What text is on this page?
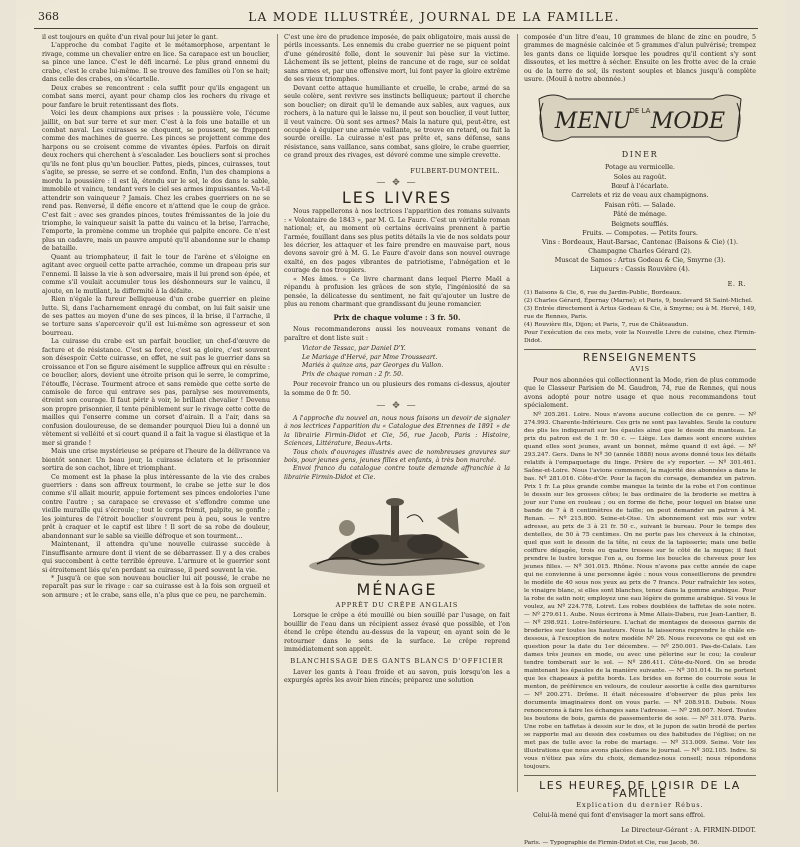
368	LA MODE ILLUSTRÉE, JOURNAL DE LA FAMILLE.

il est toujours en quête d'un rival pour lui jeter le gant.

L'approche du combat l'agite et le métamorphose, arpentant le rivage, comme un chevalier entre en lice. Sa carapace est un bouclier, sa pince une lance. C'est le défi incarné. Le plus grand ennemi du crabe, c'est le crabe lui-même. Il se trouve des familles où l'on se hait; dans celle des crabes, on s'écartelle.

Deux crabes se rencontrent : cela suffit pour qu'ils engagent un combat sans merci, ayant pour champ clos les rochers du rivage et pour fanfare le bruit retentissant des flots.

Voici les deux champions aux prises : la poussière vole, l'écume jaillit, on bat sur terre et sur mer. C'est à la fois une bataille et un combat naval. Les cuirasses se choquent, se poussent, se frappent comme des machines de guerre. Les pinces se projettent comme des harpons ou se croisent comme de vivantes épées. Parfois on dirait deux rochers qui cherchent à s'escalader. Les boucliers sont si proches qu'ils ne font plus qu'un bouclier. Pattes, pieds, pinces, cuirasses, tout s'agite, se presse, se serre et se confond. Enfin, l'un des champions a mordu la poussière : il est là, étendu sur le sol, le dos dans le sable, immobile et vaincu, tendant vers le ciel ses armes impuissantes. Va-t-il attendrir son vainqueur ? Jamais. Chez les crabes guerriers on ne se rend pas. Renversé, il défie encore et n'attend que le coup de grâce. C'est fait : avec ses grandes pinces, toutes frémissantes de la joie du triomphe, le vainqueur saisit la patte du vaincu et la brise, l'arrache, l'emporte, la promène comme un trophée qui palpite encore. Ce n'est plus un cadavre, mais un pauvre amputé qu'il abandonne sur le champ de bataille.

Quant au triomphateur, il fait le tour de l'arène et s'éloigne en agitant avec orgueil cette patte arrachée, comme un drapeau pris sur l'ennemi. Il laisse la vie à son adversaire, mais il lui prend son épée, et comme s'il voulait accumuler tous les déshonneurs sur le vaincu, il ajoute, en le mutilant, la difformité à la défaite.

Rien n'égale la fureur belliqueuse d'un crabe guerrier en pleine lutte. Si, dans l'acharnement enragé du combat, on lui fait saisir une de ses pattes au moyen d'une de ses pinces, il la brise, il l'arrache, il se torture sans s'apercevoir qu'il est lui-même son agresseur et son bourreau.

La cuirasse du crabe est un parfait bouclier, un chef-d'œuvre de facture et de résistance. C'est sa force, c'est sa gloire, c'est souvent son désespoir. Cette cuirasse, en effet, ne suit pas le guerrier dans sa croissance et l'on se figure aisément le supplice affreux qui en résulte : ce bouclier, alors, devient une étroite prison qui le serre, le comprime, l'étouffe, l'écrase. Tourment atroce et sans remède que cette sorte de camisole de force qui entrave ses pas, paralyse ses mouvements, étreint son courage. Il faut périr à voir, le brillant chevalier ! Devenu son propre prisonnier, il tente péniblement sur le rivage cette cotte de mailles qui l'enserre comme un corset d'airain. Il a l'air, dans sa confusion douloureuse, de se demander pourquoi Dieu lui a donné un vêtement si velléité et si court quand il a fait la vague si élastique et la mer si grande !

Mais une crise mystérieuse se prépare et l'heure de la délivrance va bientôt sonner. Un beau jour, la cuirasse éclatera et le prisonnier sortira de son cachot, libre et triomphant.

Ce moment est la phase la plus intéressante de la vie des crabes guerriers : dans son affreux tourment, le crabe se jette sur le dos comme s'il allait mourir, appuie fortement ses pinces endolories l'une contre l'autre ; sa carapace se crevasse et s'effondre comme une vieille muraille qui s'écroule ; tout le corps frémit, palpite, se gonfle ; les jointures de l'étroit bouclier s'ouvrent peu à peu, sous le ventre prêt à craquer et le captif est libre ! Il sort de sa robe de douleur, abandonnant sur le sable sa vieille défroque et son tourment...

Maintenant, il attendra qu'une nouvelle cuirasse succède à l'insuffisante armure dont il vient de se débarrasser. Il y a des crabes qui succombent à cette terrible épreuve. L'armure et le guerrier sont si étroitement liés qu'en perdant sa cuirasse, il perd souvent la vie.

* Jusqu'à ce que son nouveau bouclier lui ait poussé, le crabe ne reparaît pas sur le rivage : car sa cuirasse est à la fois son orgueil et son armure ; et le crabe, sans elle, n'a plus que ce peu, ne parchemin.

C'est une ère de prudence imposée, de paix obligatoire, mais aussi de périls incessants. Les ennemis du crabe guerrier ne se piquent point d'une générosité folle, dont le souvenir lui pèse sur la victime. Lâchement ils se jettent, pleins de rancune et de rage, sur ce soldat sans armes et, par une offensive mort, lui font payer la gloire extrême de ses vieux triomphes.

Devant cette attaque humiliante et cruelle, le crabe, armé de sa seule colère, sent revivre ses instincts belliqueux; partout il cherche son bouclier; on dirait qu'il le demande aux sables, aux vagues, aux rochers, à la nature qui le laisse nu, il peut son bouclier, il veut lutter, il veut vaincre. Où sont ses armes? Mais la nature qui, peut-être, est occupée à équiper une armée vaillante, se trouve en retard, ou fait la sourde oreille. La cuirasse n'est pas prête et, sans défense, sans résistance, sans vaillance, sans combat, sans gloire, le crabe guerrier, ce grand preux des rivages, est dévoré comme une simple crevette.

FULBERT-DUMONTEIL.
— ✥ —
LES LIVRES

Nous rappellerons à nos lectrices l'apparition des romans suivants : « Volontaire de 1843 », par M. G. Le Faure. C'est un véritable roman national; et, au moment où certains écrivains prennent à partie l'armée, fouillant dans ses plus petits détails la vie de nos soldats pour les décrier, les attaquer et les faire prendre en mauvaise part, nous devons savoir gré à M. G. Le Faure d'avoir dans son nouvel ouvrage exalté, en des pages vibrantes de patriotisme, l'abnégation et le courage de nos troupiers.

« Mes âmes. » Ce livre charmant dans lequel Pierre Maël a répandu à profusion les grâces de son style, l'ingéniosité de sa pensée, la délicatesse du sentiment, ne fait qu'ajouter un lustre de plus au renom charmant que grandissant du jeune romancier.

Prix de chaque volume : 3 fr. 50.

Nous recommanderons aussi les nouveaux romans venant de paraître et dont liste suit :

Victor de Tessac, par Daniel D'Y.
Le Mariage d'Hervé, par Mme Trousseart.
Mariés à quinze ans, par Georges du Vallon.
Prix de chaque roman : 2 fr. 50.

Pour recevoir franco un ou plusieurs des romans ci-dessus, ajouter la somme de 0 fr. 50.

— ✥ —

A l'approche du nouvel an, nous nous faisons un devoir de signaler à nos lectrices l'apparition du « Catalogue des Etrennes de 1891 » de la librairie Firmin-Didot et Cie, 56, rue Jacob, Paris : Histoire, Sciences, Littérature, Beaux-Arts.

Tous choix d'ouvrages illustrés avec de nombreuses gravures sur bois, pour jeunes gens, jeunes filles et enfants, à très bon marché.

Envoi franco du catalogue contre toute demande affranchie à la librairie Firmin-Didot et Cie.

MÉNAGE
APPRÊT DU CRÊPE ANGLAIS

Lorsque le crêpe a été mouillé ou bien souillé par l'usage, on fait bouillir de l'eau dans un récipient assez évasé que possible, et l'on étend le crêpe étendu au-dessus de la vapeur, en ayant soin de le retourner dans le sens de la surface. Le crêpe reprend immédiatement son apprêt.

BLANCHISSAGE DES GANTS BLANCS D'OFFICIER

Laver les gants à l'eau froide et au savon, puis lorsqu'on les a expurgés après les avoir bien rincés; préparez une solution

composée d'un litre d'eau, 10 grammes de blanc de zinc en poudre, 5 grammes de magnésie calcinée et 5 grammes d'alun pulvérisé; trempez les gants dans ce liquide lorsque les poudres qu'il contient s'y sont dissoutes, et les mettre à sécher. Ensuite on les frotte avec de la craie ou de la terre de sol, ils restent souples et blancs jusqu'à complète usure. (Mouil à notre abonnée.)

MENU
DE LA MODE
DINER
Potage au vermicelle.
Soles au ragoût.
Bœuf à l'écarlate.
Carrelets et riz de veau aux champignons.
Faisan rôti. — Salade.
Pâté de ménage.
Beignets soufflés.
Fruits. — Compotes. — Petits fours.
Vins : Bordeaux, Haut-Barsac, Cantenac (Baisons & Cie) (1).
Champagne Charles Gérard (2).
Muscat de Samos : Artus Godeau & Cie, Smyrne (3).
Liqueurs : Cassis Rouvière (4).
E. R.
(1) Baisons & Cie, 6, rue du Jardin-Public, Bordeaux.
(2) Charles Gérard, Épernay (Marne); et Paris, 9, boulevard St Saint-Michel.
(3) Entrée directement à Artus Godeau & Cie, à Smyrne; ou à M. Hervé, 149, rue de Rennes, Paris.
(4) Rouvière fils, Dijon; et Paris, 7, rue de Châteaudun.
Pour l'exécution de ces mets, voir la Nouvelle Livre de cuisine, chez Firmin-Didot.
RENSEIGNEMENTS
AVIS

Pour nos abonnées qui collectionnent la Mode, rien de plus commode que le Classeur Parisien de M. Gaudron, 74, rue de Rennes, qui nous avons adopté pour notre usage et que nous recommandons tout spécialement.

Nº 205.261. Loire. Nous n'avons aucune collection de ce genre. — Nº 274.993. Charente-Inférieure. Ces gris ne sont pas lavables. Seule la couture des plis les indiquerait sur les épaules ainsi que le dessin du manteau. Le prix du patron est de 1 fr. 50 c. — Liège. Les dames sont encore suivies quand elles sont jeunes, avant un bonnet, même quand il est âgé. — Nº 293.247. Gers. Dans le Nº 30 (année 1888) nous avons donné tous les détails relatifs à l'empaquetage du linge. Prière de s'y reporter. — Nº 301.461. Saône-et-Loire. Nous l'avions commencé, la majorité des abonnées a dans le bas. Nº 281.016. Côte-d'Or. Pour la façon du corsage, demandez un patron. Prix 1 fr. La plus grande combe manque la teinte de la robe et l'on continue le dessin sur les grosses côtes; le bas ordinaire de la broderie se mettra à jour sur l'une en rouleau ; ou en forme de fiche, pour lequel on biaise une bande de 7 à 8 centimètres de taille; on peut demander un patron à M. Renan. — Nº 215.800. Seine-et-Oise. Un abonnement est mis sur votre adresse, au prix de 3 à 21 fr. 50 c., suivant le bureau. Pour le temps des dentelles, de 50 à 75 centimes. On ne porte pas les cheveux à la chinoise, quel que soit le dessin de la tête, ni ceux de la tapisserie; mais une belle coiffure dégagée, trois ou quatre tresses sur le côté de la nuque; il faut prendre le lustre lorsque l'on a, ou forme les boucles de cheveux pour les jeunes filles. — Nº 301.015. Rhône. Nous n'avons pas cette année de cape qui ne convienne à une personne âgée : nous vous conseillerons de prendre le modèle de 40 sous nos yeux au prix de 7 francs. Pour rafraîchir les soies, le vinaigre blanc, si elles sont blanches, tenez dans la gomme arabique. Pour la robe de satin noir, employez une eau légère de gomme arabique. Si vous le voulez, au Nº 224.778, Loiret. Les robes doublées de taffetas de soie noire. — Nº 279.611. Aube. Nous écrirons à Mme Allais-Dabeu, rue Jean-Lantier, 8. — Nº 298.921. Loire-Inférieure. L'achat de montages de dessous garnis de broderies sur toutes les hauteurs. Nous la laisserons reprendre le châle en-dessous, à l'exception de notre modèle Nº 26. Nous recevons ce qui est en question pour la date du 1er décembre. — Nº 250.001. Pas-de-Calais. Les dames très jeunes en mode, ou avec une pèlerine sur le cou; la couleur tendre tomberait sur le sol. — Nº 286.411. Côte-du-Nord. On se brode maintenant les épaules de la manière suivante. — Nº 301.014. Ils ne portent que les chapeaux à petits bords. Les brides en forme de courroie sous le menton, de préférence en velours, de couleur assortie à celle des garnitures — Nº 200.271. Drôme. Il était nécessaire d'observer de plus près les documents imaginaires dont on vous parle. — Nº 208.918. Dubois. Nous renoncerons à faire les échanges sans l'adresse. — Nº 298.007. Nord. Toutes les boutons de bois, garnis de passementerie de soie. — Nº 311.078. Paris. Une robe en taffetas à dessin sur le dos, et le jupon de satin brodé de perles se rapporte mal au dessin des costumes ou des habitudes de l'église; on ne met pas de tulle avec la robe de mariage. — Nº 313.009. Seine. Voir les illustrations que nous avons placées dans le journal. — Nº 302.105. Indre. Si vous n'étiez pas sûrs du choix, demandez-nous conseil; nous répondons toujours.

LES HEURES DE LOISIR DE LA FAMILLE
Explication du dernier Rébus.

Celui-là mené qui font d'envisager la mort sans effroi.

Le Directeur-Gérant : A. FIRMIN-DIDOT.
Paris. — Typographie de Firmin-Didot et Cie, rue Jacob, 56.
